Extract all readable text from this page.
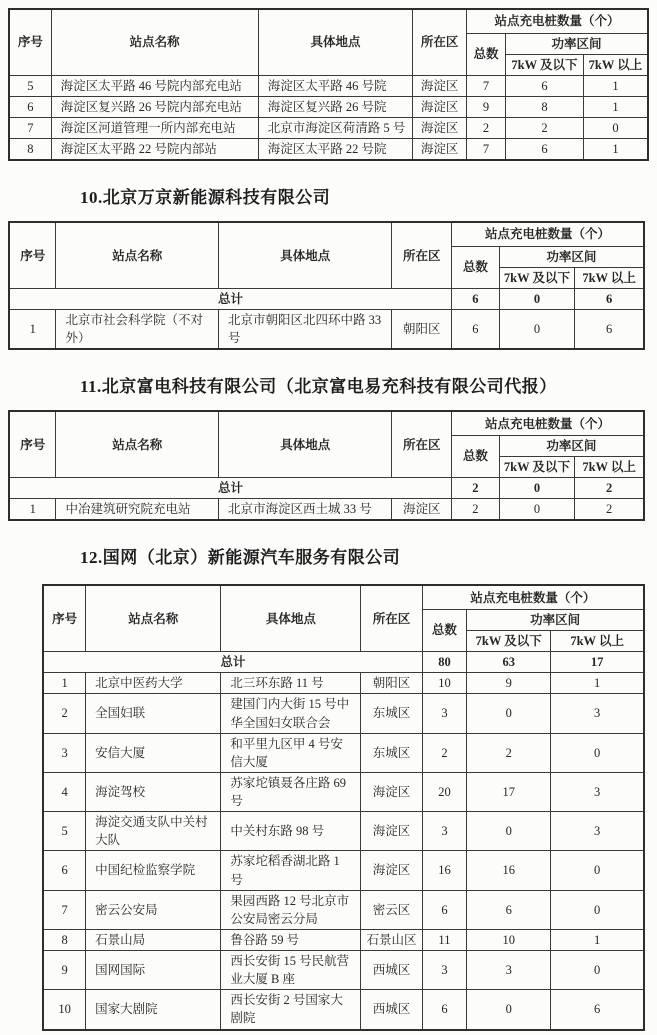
序号	站点名称	具体地点	所在区	站点充电桩数量（个）		
				总数	功率区间	
					7kW 及以下	7kW 以上
5	海淀区太平路 46 号院内部充电站	海淀区太平路 46 号院	海淀区	7	6	1
6	海淀区复兴路 26 号院内部充电站	海淀区复兴路 26 号院	海淀区	9	8	1
7	海淀区河道管理一所内部充电站	北京市海淀区荷清路 5 号	海淀区	2	2	0
8	海淀区太平路 22 号院内部站	海淀区太平路 22 号院	海淀区	7	6	1
10.北京万京新能源科技有限公司
序号	站点名称	具体地点	所在区	站点充电桩数量（个）		
				总数	功率区间	
					7kW 及以下	7kW 以上
总计				6	0	6
1	北京市社会科学院（不对外）	北京市朝阳区北四环中路 33 号	朝阳区	6	0	6
11.北京富电科技有限公司（北京富电易充科技有限公司代报）
序号	站点名称	具体地点	所在区	站点充电桩数量（个）		
				总数	功率区间	
					7kW 及以下	7kW 以上
总计				2	0	2
1	中冶建筑研究院充电站	北京市海淀区西土城 33 号	海淀区	2	0	2
12.国网（北京）新能源汽车服务有限公司
序号	站点名称	具体地点	所在区	站点充电桩数量（个）		
				总数	功率区间	
					7kW 及以下	7kW 以上
总计				80	63	17
1	北京中医药大学	北三环东路 11 号	朝阳区	10	9	1
2	全国妇联	建国门内大街 15 号中华全国妇女联合会	东城区	3	0	3
3	安信大厦	和平里九区甲 4 号安信大厦	东城区	2	2	0
4	海淀驾校	苏家坨镇聂各庄路 69 号	海淀区	20	17	3
5	海淀交通支队中关村大队	中关村东路 98 号	海淀区	3	0	3
6	中国纪检监察学院	苏家坨稻香湖北路 1 号	海淀区	16	16	0
7	密云公安局	果园西路 12 号北京市公安局密云分局	密云区	6	6	0
8	石景山局	鲁谷路 59 号	石景山区	11	10	1
9	国网国际	西长安街 15 号民航营业大厦 B 座	西城区	3	3	0
10	国家大剧院	西长安街 2 号国家大剧院	西城区	6	0	6
